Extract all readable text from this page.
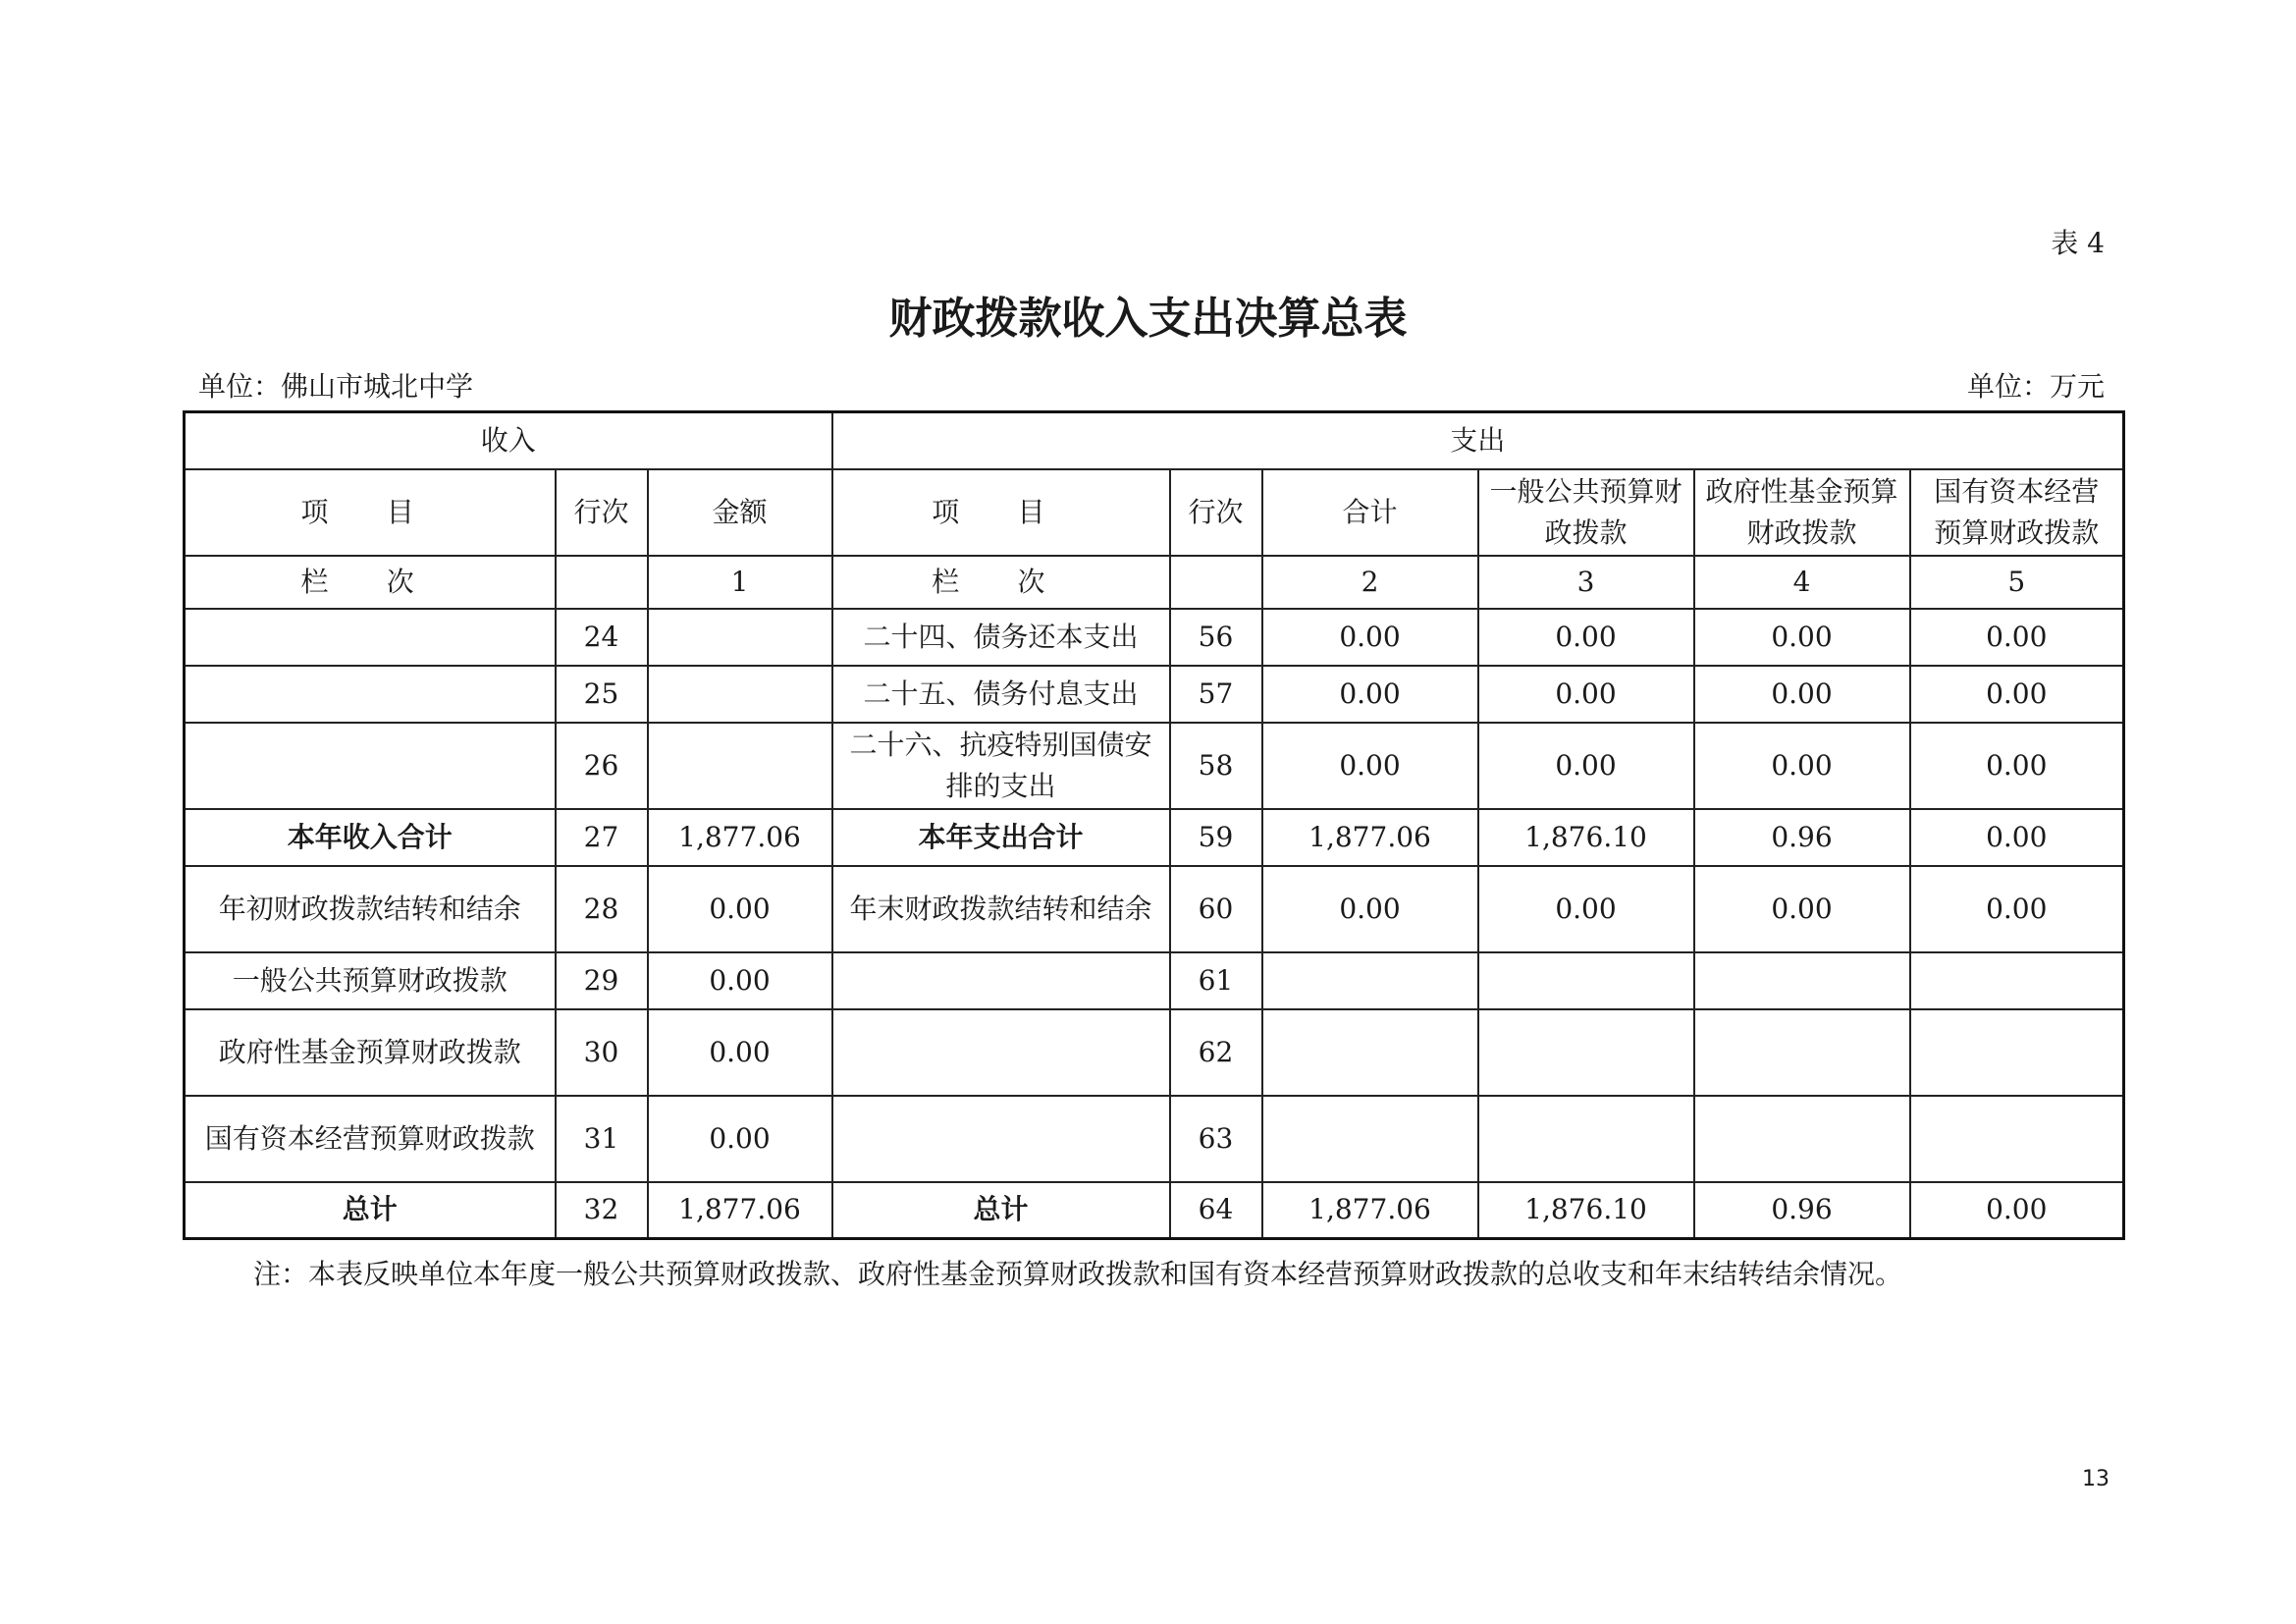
表 4
财政拨款收入支出决算总表
单位：佛山市城北中学	单位：万元
收入			支出					
项 目	行次	金额	项 目	行次	合计	一般公共预算财政拨款	政府性基金预算财政拨款	国有资本经营预算财政拨款
栏 次		1	栏 次		2	3	4	5
	24		二十四、债务还本支出	56	0.00	0.00	0.00	0.00
	25		二十五、债务付息支出	57	0.00	0.00	0.00	0.00
	26		二十六、抗疫特别国债安排的支出	58	0.00	0.00	0.00	0.00
本年收入合计	27	1,877.06	本年支出合计	59	1,877.06	1,876.10	0.96	0.00
年初财政拨款结转和结余	28	0.00	年末财政拨款结转和结余	60	0.00	0.00	0.00	0.00
一般公共预算财政拨款	29	0.00		61				
政府性基金预算财政拨款	30	0.00		62				
国有资本经营预算财政拨款	31	0.00		63				
总计	32	1,877.06	总计	64	1,877.06	1,876.10	0.96	0.00
注：本表反映单位本年度一般公共预算财政拨款、政府性基金预算财政拨款和国有资本经营预算财政拨款的总收支和年末结转结余情况。
13
